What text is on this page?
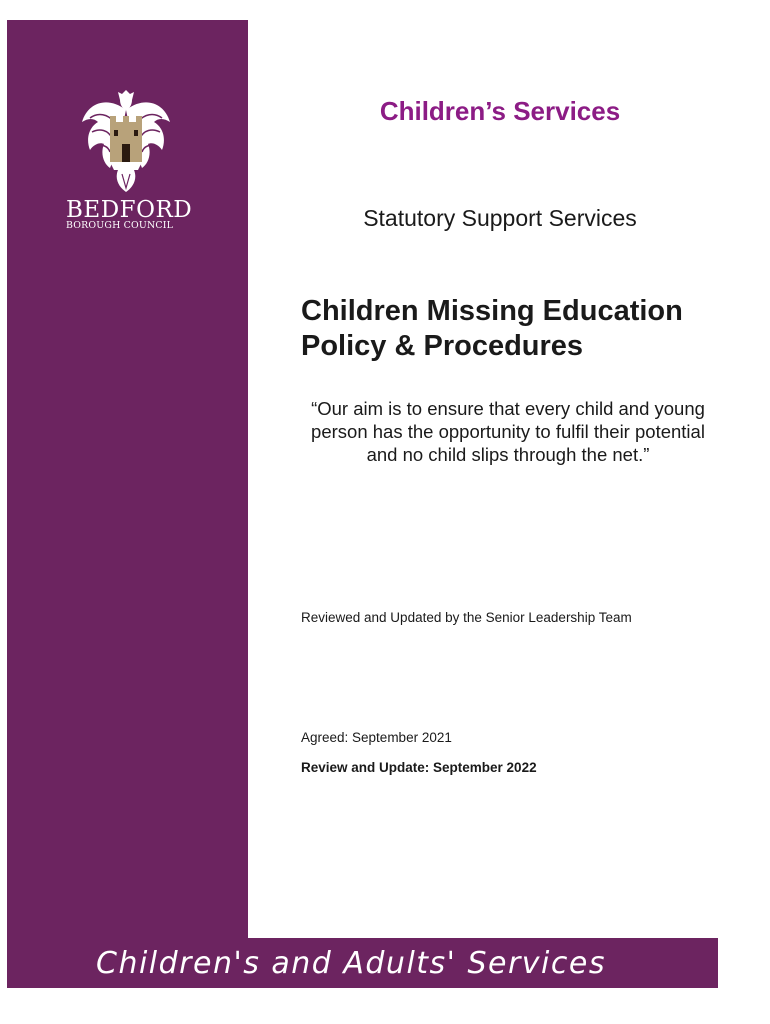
BEDFORD
BOROUGH COUNCIL
Children’s Services
Statutory Support Services
Children Missing Education
Policy & Procedures
“Our aim is to ensure that every child and young person has the opportunity to fulfil their potential and no child slips through the net.”
Reviewed and Updated by the Senior Leadership Team
Agreed: September 2021
Review and Update: September 2022
Children's and Adults' Services
